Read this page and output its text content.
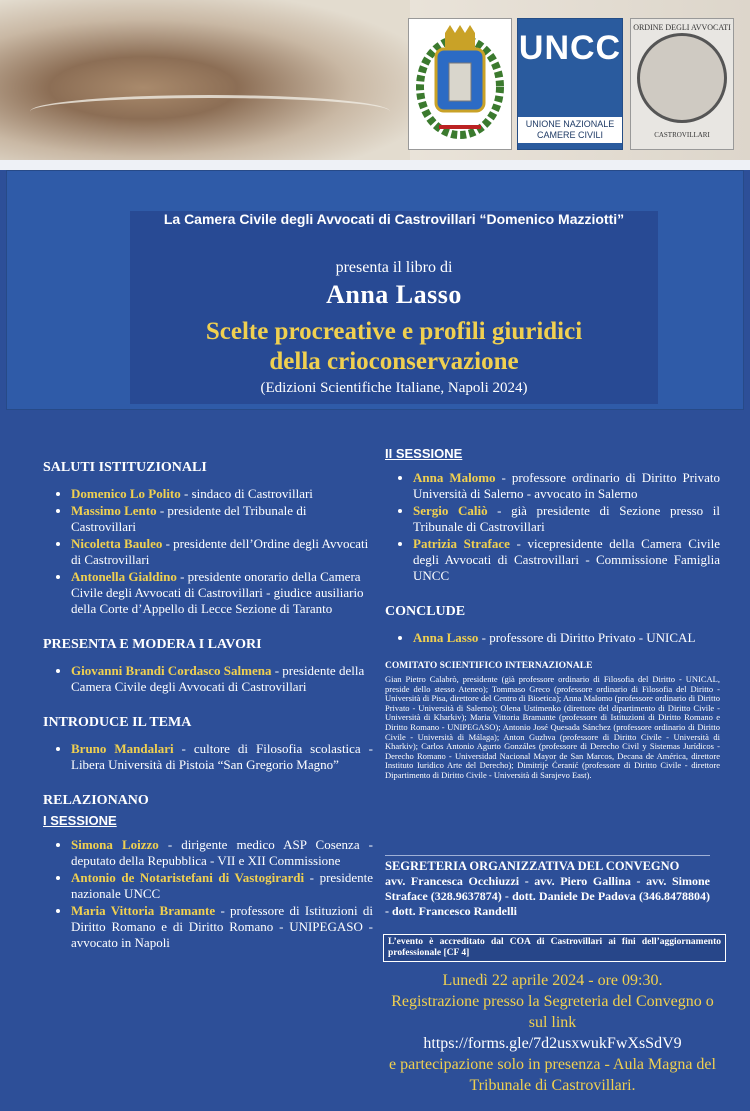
UNCC
UNIONE NAZIONALE
CAMERE CIVILI
ORDINE DEGLI AVVOCATI
CASTROVILLARI
La Camera Civile degli Avvocati di Castrovillari “Domenico Mazziotti”
presenta il libro di
Anna Lasso
Scelte procreative e profili giuridici
della crioconservazione
(Edizioni Scientifiche Italiane, Napoli 2024)
SALUTI ISTITUZIONALI
• Domenico Lo Polito - sindaco di Castrovillari
• Massimo Lento - presidente del Tribunale di Castrovillari
• Nicoletta Bauleo - presidente dell’Ordine degli Avvocati di Castrovillari
• Antonella Gialdino - presidente onorario della Camera Civile degli Avvocati di Castrovillari - giudice ausiliario della Corte d’Appello di Lecce Sezione di Taranto
PRESENTA E MODERA I LAVORI
• Giovanni Brandi Cordasco Salmena - presidente della Camera Civile degli Avvocati di Castrovillari
INTRODUCE IL TEMA
• Bruno Mandalari - cultore di Filosofia scolastica - Libera Università di Pistoia “San Gregorio Magno”
RELAZIONANO
I SESSIONE
• Simona Loizzo - dirigente medico ASP Cosenza - deputato della Repubblica - VII e XII Commissione
• Antonio de Notaristefani di Vastogirardi - presidente nazionale UNCC
• Maria Vittoria Bramante - professore di Istituzioni di Diritto Romano e di Diritto Romano - UNIPEGASO - avvocato in Napoli
II SESSIONE
• Anna Malomo - professore ordinario di Diritto Privato Università di Salerno - avvocato in Salerno
• Sergio Caliò - già presidente di Sezione presso il Tribunale di Castrovillari
• Patrizia Straface - vicepresidente della Camera Civile degli Avvocati di Castrovillari - Commissione Famiglia UNCC
CONCLUDE
• Anna Lasso - professore di Diritto Privato - UNICAL
COMITATO SCIENTIFICO INTERNAZIONALE
Gian Pietro Calabrò, presidente (già professore ordinario di Filosofia del Diritto - UNICAL, preside dello stesso Ateneo); Tommaso Greco (professore ordinario di Filosofia del Diritto - Università di Pisa, direttore del Centro di Bioetica); Anna Malomo (professore ordinario di Diritto Privato - Università di Salerno); Olena Ustimenko (direttore del dipartimento di Diritto Civile - Università di Kharkiv); Maria Vittoria Bramante (professore di Istituzioni di Diritto Romano e Diritto Romano - UNIPEGASO); Antonio José Quesada Sánchez (professore ordinario di Diritto Civile - Università di Málaga); Anton Guzhva (professore di Diritto Civile - Università di Kharkiv); Carlos Antonio Agurto Gonzáles (professore di Derecho Civil y Sistemas Jurídicos - Derecho Romano - Universidad Nacional Mayor de San Marcos, Decana de América, direttore Instituto Iuridico Arte del Derecho); Dimitrije Ćeranić (professore di Diritto Civile - direttore Dipartimento di Diritto Civile - Università di Sarajevo East).
SEGRETERIA ORGANIZZATIVA DEL CONVEGNO
avv. Francesca Occhiuzzi - avv. Piero Gallina - avv. Simone Straface (328.9637874) - dott. Daniele De Padova (346.8478804) - dott. Francesco Randelli
L’evento è accreditato dal COA di Castrovillari ai fini dell’aggiornamento professionale [CF 4]
Lunedì 22 aprile 2024 - ore 09:30.
Registrazione presso la Segreteria del Convegno o sul link
https://forms.gle/7d2usxwukFwXsSdV9
e partecipazione solo in presenza - Aula Magna del Tribunale di Castrovillari.
